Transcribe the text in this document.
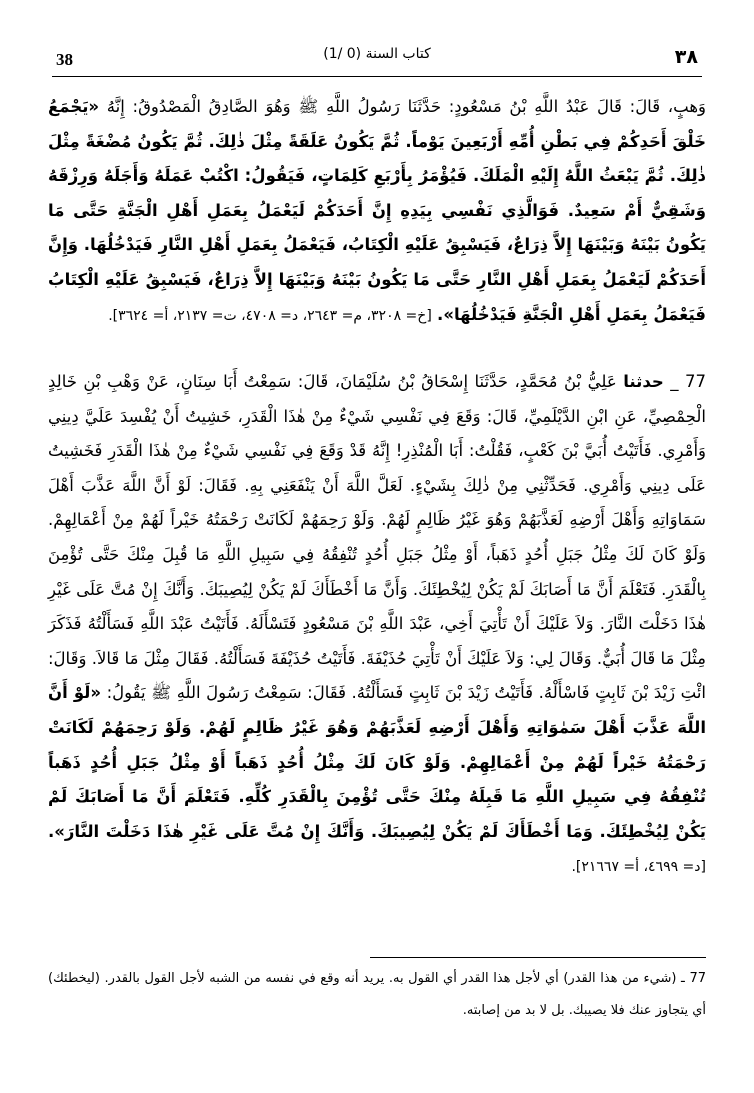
38	(1/ 0) كتاب السنة	٣٨
وَهبٍ، قَالَ: قَالَ عَبْدُ اللَّهِ بْنُ مَسْعُودٍ: حَدَّثَنَا رَسُولُ اللَّهِ ﷺ وَهُوَ الصَّادِقُ الْمَصْدُوقُ: إِنَّهُ «يَجْمَعُ خَلْقَ أَحَدِكُمْ فِي بَطْنِ أُمِّهِ أَرْبَعِينَ يَوْماً. ثُمَّ يَكُونُ عَلَقَةً مِثْلَ ذٰلِكَ. ثُمَّ يَكُونُ مُضْغَةً مِثْلَ ذٰلِكَ. ثُمَّ يَبْعَثُ اللَّهُ إِلَيْهِ الْمَلَكَ. فَيُؤْمَرُ بِأَرْبَعِ كَلِمَاتٍ، فَيَقُولُ: اكْتُبْ عَمَلَهُ وَأَجَلَهُ وَرِزْقَهُ وَشَقِيٌّ أَمْ سَعِيدٌ. فَوَالَّذِي نَفْسِي بِيَدِهِ إِنَّ أَحَدَكُمْ لَيَعْمَلُ بِعَمَلِ أَهْلِ الْجَنَّةِ حَتَّى مَا يَكُونُ بَيْنَهُ وَبَيْنَهَا إِلاَّ ذِرَاعٌ، فَيَسْبِقُ عَلَيْهِ الْكِتَابُ، فَيَعْمَلُ بِعَمَلِ أَهْلِ النَّارِ فَيَدْخُلُهَا. وَإِنَّ أَحَدَكُمْ لَيَعْمَلُ بِعَمَلِ أَهْلِ النَّارِ حَتَّى مَا يَكُونُ بَيْنَهُ وَبَيْنَهَا إِلاَّ ذِرَاعٌ، فَيَسْبِقُ عَلَيْهِ الْكِتَابُ فَيَعْمَلُ بِعَمَلِ أَهْلِ الْجَنَّةِ فَيَدْخُلُهَا». [خ= ٣٢٠٨، م= ٢٦٤٣، د= ٤٧٠٨، ت= ٢١٣٧، أ= ٣٦٢٤].
77 _ حدثنا عَلِيُّ بْنُ مُحَمَّدٍ، حَدَّثَنَا إِسْحَاقُ بْنُ سُلَيْمَانَ، قَالَ: سَمِعْتُ أَبَا سِنَانٍ، عَنْ وَهْبِ بْنِ خَالِدٍ الْحِمْصِيِّ، عَنِ ابْنِ الدَّيْلَمِيِّ، قَالَ: وَقَعَ فِي نَفْسِي شَيْءٌ مِنْ هٰذَا الْقَدَرِ، خَشِيتُ أَنْ يُفْسِدَ عَلَيَّ دِينِي وَأَمْرِي. فَأَتَيْتُ أُبَيَّ بْنَ كَعْبٍ، فَقُلْتُ: أَبَا الْمُنْذِرِ! إِنَّهُ قَدْ وَقَعَ فِي نَفْسِي شَيْءٌ مِنْ هٰذَا الْقَدَرِ فَخَشِيتُ عَلَى دِينِي وَأَمْرِي. فَحَدِّثْنِي مِنْ ذٰلِكَ بِشَيْءٍ. لَعَلَّ اللَّهَ أَنْ يَنْفَعَنِي بِهِ. فَقَالَ: لَوْ أَنَّ اللَّهَ عَذَّبَ أَهْلَ سَمَاوَاتِهِ وَأَهْلَ أَرْضِهِ لَعَذَّبَهُمْ وَهُوَ غَيْرُ ظَالِمٍ لَهُمْ. وَلَوْ رَحِمَهُمْ لَكَانَتْ رَحْمَتُهُ خَيْراً لَهُمْ مِنْ أَعْمَالِهِمْ. وَلَوْ كَانَ لَكَ مِثْلُ جَبَلِ أُحُدٍ ذَهَباً، أَوْ مِثْلُ جَبَلِ أُحُدٍ تُنْفِقُهُ فِي سَبِيلِ اللَّهِ مَا قُبِلَ مِنْكَ حَتَّى تُؤْمِنَ بِالْقَدَرِ. فَتَعْلَمَ أَنَّ مَا أَصَابَكَ لَمْ يَكُنْ لِيُخْطِئَكَ. وَأَنَّ مَا أَخْطَأَكَ لَمْ يَكُنْ لِيُصِيبَكَ. وَأَنَّكَ إِنْ مُتَّ عَلَى غَيْرِ هٰذَا دَخَلْتَ النَّارَ. وَلاَ عَلَيْكَ أَنْ تَأْتِيَ أَخِي، عَبْدَ اللَّهِ بْنَ مَسْعُودٍ فَتَسْأَلَهُ. فَأَتَيْتُ عَبْدَ اللَّهِ فَسَأَلْتُهُ فَذَكَرَ مِثْلَ مَا قَالَ أُبَيٌّ. وَقَالَ لِي: وَلاَ عَلَيْكَ أَنْ تَأْتِيَ حُذَيْفَةَ. فَأَتَيْتُ حُذَيْفَةَ فَسَأَلْتُهُ. فَقَالَ مِثْلَ مَا قَالاَ. وَقَالَ: ائْتِ زَيْدَ بْنَ ثَابِتٍ فَاسْأَلْهُ. فَأَتَيْتُ زَيْدَ بْنَ ثَابِتٍ فَسَأَلْتُهُ. فَقَالَ: سَمِعْتُ رَسُولَ اللَّهِ ﷺ يَقُولُ: «لَوْ أَنَّ اللَّهَ عَذَّبَ أَهْلَ سَمٰوَاتِهِ وَأَهْلَ أَرْضِهِ لَعَذَّبَهُمْ وَهُوَ غَيْرُ ظَالِمٍ لَهُمْ. وَلَوْ رَحِمَهُمْ لَكَانَتْ رَحْمَتُهُ خَيْراً لَهُمْ مِنْ أَعْمَالِهِمْ. وَلَوْ كَانَ لَكَ مِثْلُ أُحُدٍ ذَهَباً أَوْ مِثْلُ جَبَلِ أُحُدٍ ذَهَباً تُنْفِقُهُ فِي سَبِيلِ اللَّهِ مَا قَبِلَهُ مِنْكَ حَتَّى تُؤْمِنَ بِالْقَدَرِ كُلِّهِ. فَتَعْلَمَ أَنَّ مَا أَصَابَكَ لَمْ يَكُنْ لِيُخْطِئَكَ. وَمَا أَخْطَأَكَ لَمْ يَكُنْ لِيُصِيبَكَ. وَأَنَّكَ إِنْ مُتَّ عَلَى غَيْرِ هٰذَا دَخَلْتَ النَّارَ». [د= ٤٦٩٩، أ= ٢١٦٦٧].
77 ـ (شيء من هذا القدر) أي لأجل هذا القدر أي القول به. يريد أنه وقع في نفسه من الشبه لأجل القول بالقدر. (ليخطئك) أي يتجاوز عنك فلا يصيبك. بل لا بد من إصابته.
